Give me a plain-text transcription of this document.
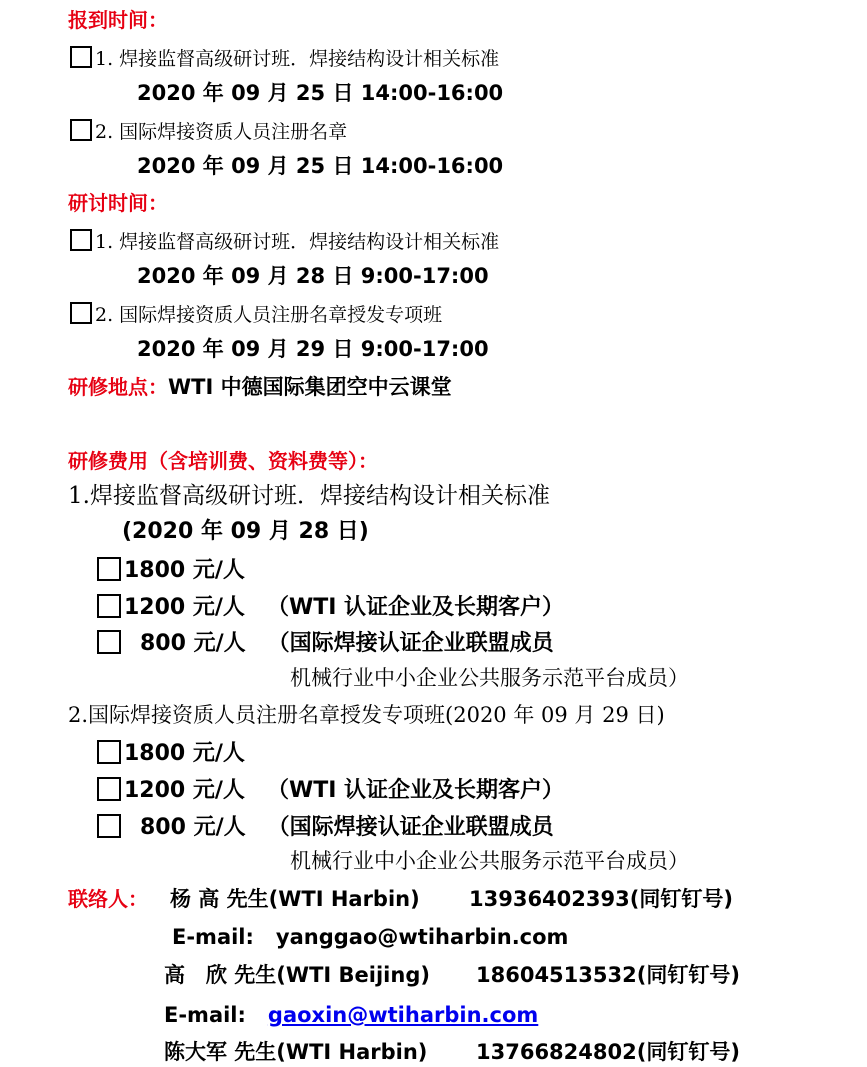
报到时间：
1. 焊接监督高级研讨班．焊接结构设计相关标准
2020 年 09 月 25 日 14:00-16:00
2. 国际焊接资质人员注册名章
2020 年 09 月 25 日 14:00-16:00
研讨时间：
1. 焊接监督高级研讨班．焊接结构设计相关标准
2020 年 09 月 28 日 9:00-17:00
2. 国际焊接资质人员注册名章授发专项班
2020 年 09 月 29 日 9:00-17:00
研修地点：WTI 中德国际集团空中云课堂
研修费用（含培训费、资料费等）：
1.焊接监督高级研讨班．焊接结构设计相关标准
(2020 年 09 月 28 日)
1800 元/人
1200 元/人 （WTI 认证企业及长期客户）
800 元/人 （国际焊接认证企业联盟成员
机械行业中小企业公共服务示范平台成员）
2.国际焊接资质人员注册名章授发专项班(2020 年 09 月 29 日)
1800 元/人
1200 元/人 （WTI 认证企业及长期客户）
800 元/人 （国际焊接认证企业联盟成员
机械行业中小企业公共服务示范平台成员）
联络人： 杨 高 先生(WTI Harbin) 13936402393(同钉钉号)
E-mail: yanggao@wtiharbin.com
高　欣 先生(WTI Beijing) 18604513532(同钉钉号)
E-mail: gaoxin@wtiharbin.com
陈大军 先生(WTI Harbin) 13766824802(同钉钉号)
